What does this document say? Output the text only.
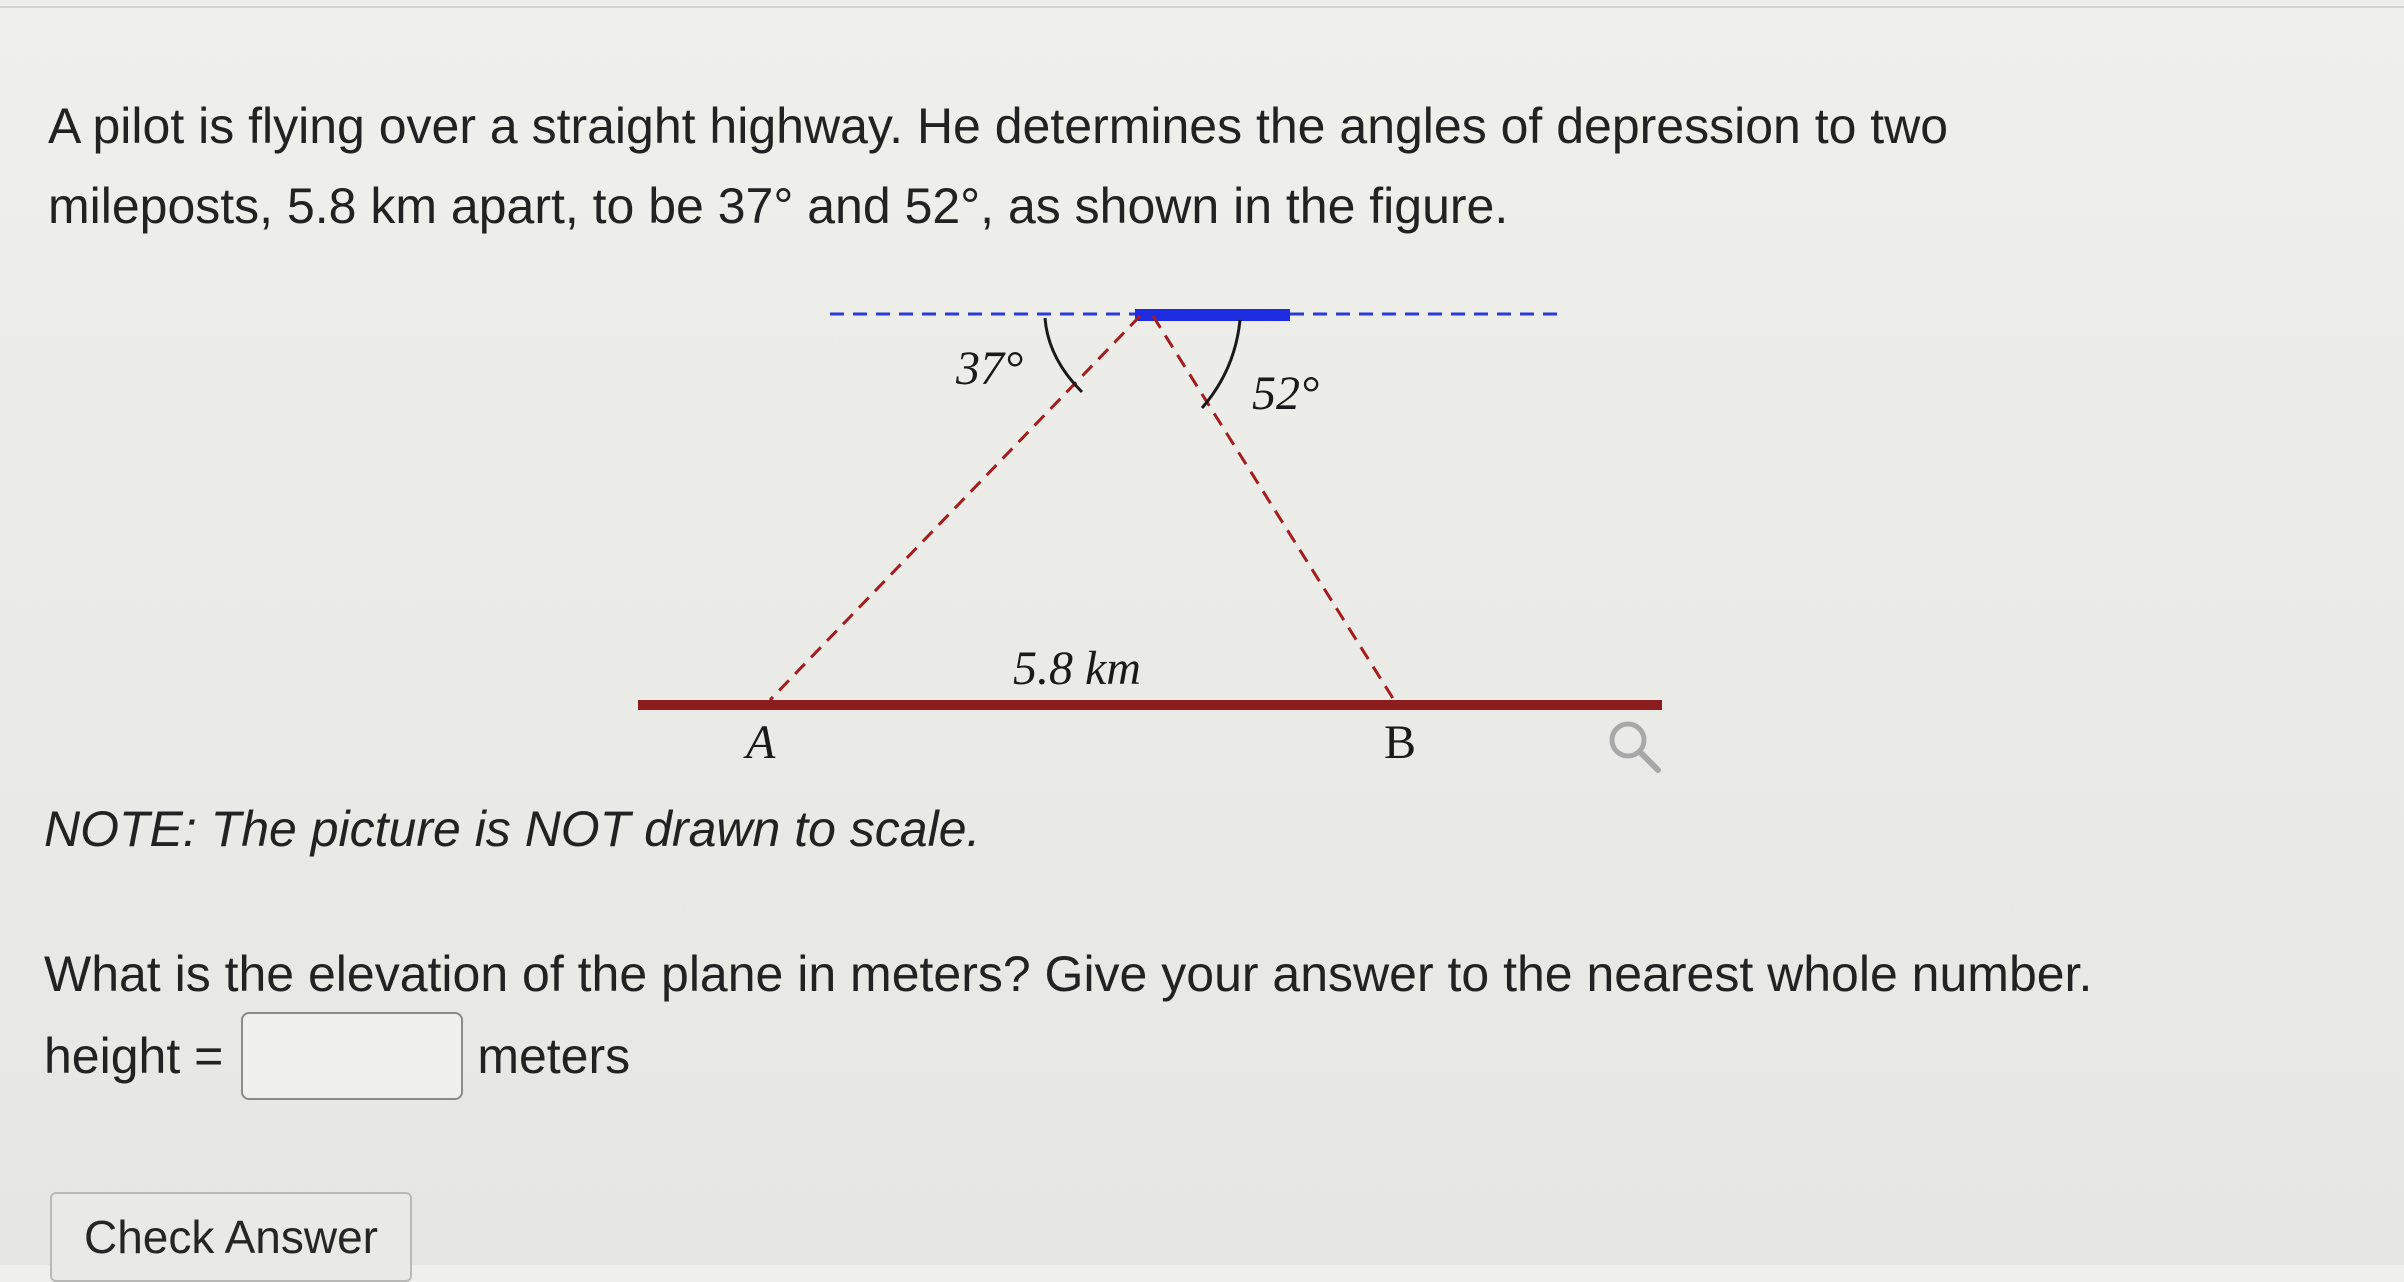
A pilot is flying over a straight highway. He determines the angles of depression to two
mileposts, 5.8 km apart, to be 37° and 52°, as shown in the figure.
37°	52°
5.8 km
A	B
NOTE: The picture is NOT drawn to scale.
What is the elevation of the plane in meters? Give your answer to the nearest whole number.
height =	meters
Check Answer
